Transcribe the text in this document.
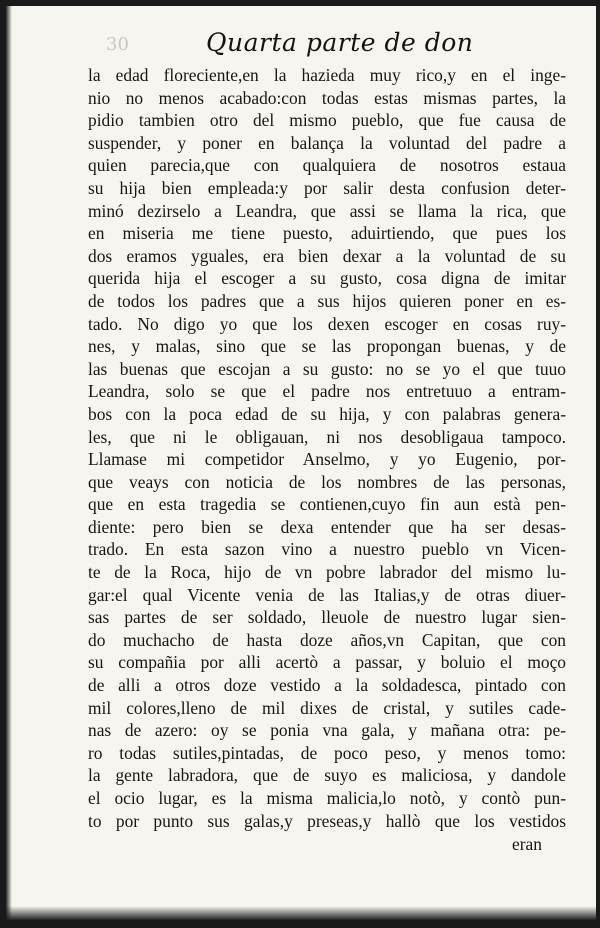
30	Quarta parte de don
la edad floreciente,en la hazieda muy rico,y en el inge-
nio no menos acabado:con todas estas mismas partes, la
pidio tambien otro del mismo pueblo, que fue causa de
suspender, y poner en balança la voluntad del padre a
quien parecia,que con qualquiera de nosotros estaua
su hija bien empleada:y por salir desta confusion deter-
minó dezirselo a Leandra, que assi se llama la rica, que
en miseria me tiene puesto, aduirtiendo, que pues los
dos eramos yguales, era bien dexar a la voluntad de su
querida hija el escoger a su gusto, cosa digna de imitar
de todos los padres que a sus hijos quieren poner en es-
tado. No digo yo que los dexen escoger en cosas ruy-
nes, y malas, sino que se las propongan buenas, y de
las buenas que escojan a su gusto: no se yo el que tuuo
Leandra, solo se que el padre nos entretuuo a entram-
bos con la poca edad de su hija, y con palabras genera-
les, que ni le obligauan, ni nos desobligaua tampoco.
Llamase mi competidor Anselmo, y yo Eugenio, por-
que veays con noticia de los nombres de las personas,
que en esta tragedia se contienen,cuyo fin aun està pen-
diente: pero bien se dexa entender que ha ser desas-
trado. En esta sazon vino a nuestro pueblo vn Vicen-
te de la Roca, hijo de vn pobre labrador del mismo lu-
gar:el qual Vicente venia de las Italias,y de otras diuer-
sas partes de ser soldado, lleuole de nuestro lugar sien-
do muchacho de hasta doze años,vn Capitan, que con
su compañia por alli acertò a passar, y boluio el moço
de alli a otros doze vestido a la soldadesca, pintado con
mil colores,lleno de mil dixes de cristal, y sutiles cade-
nas de azero: oy se ponia vna gala, y mañana otra: pe-
ro todas sutiles,pintadas, de poco peso, y menos tomo:
la gente labradora, que de suyo es maliciosa, y dandole
el ocio lugar, es la misma malicia,lo notò, y contò pun-
to por punto sus galas,y preseas,y hallò que los vestidos
eran
